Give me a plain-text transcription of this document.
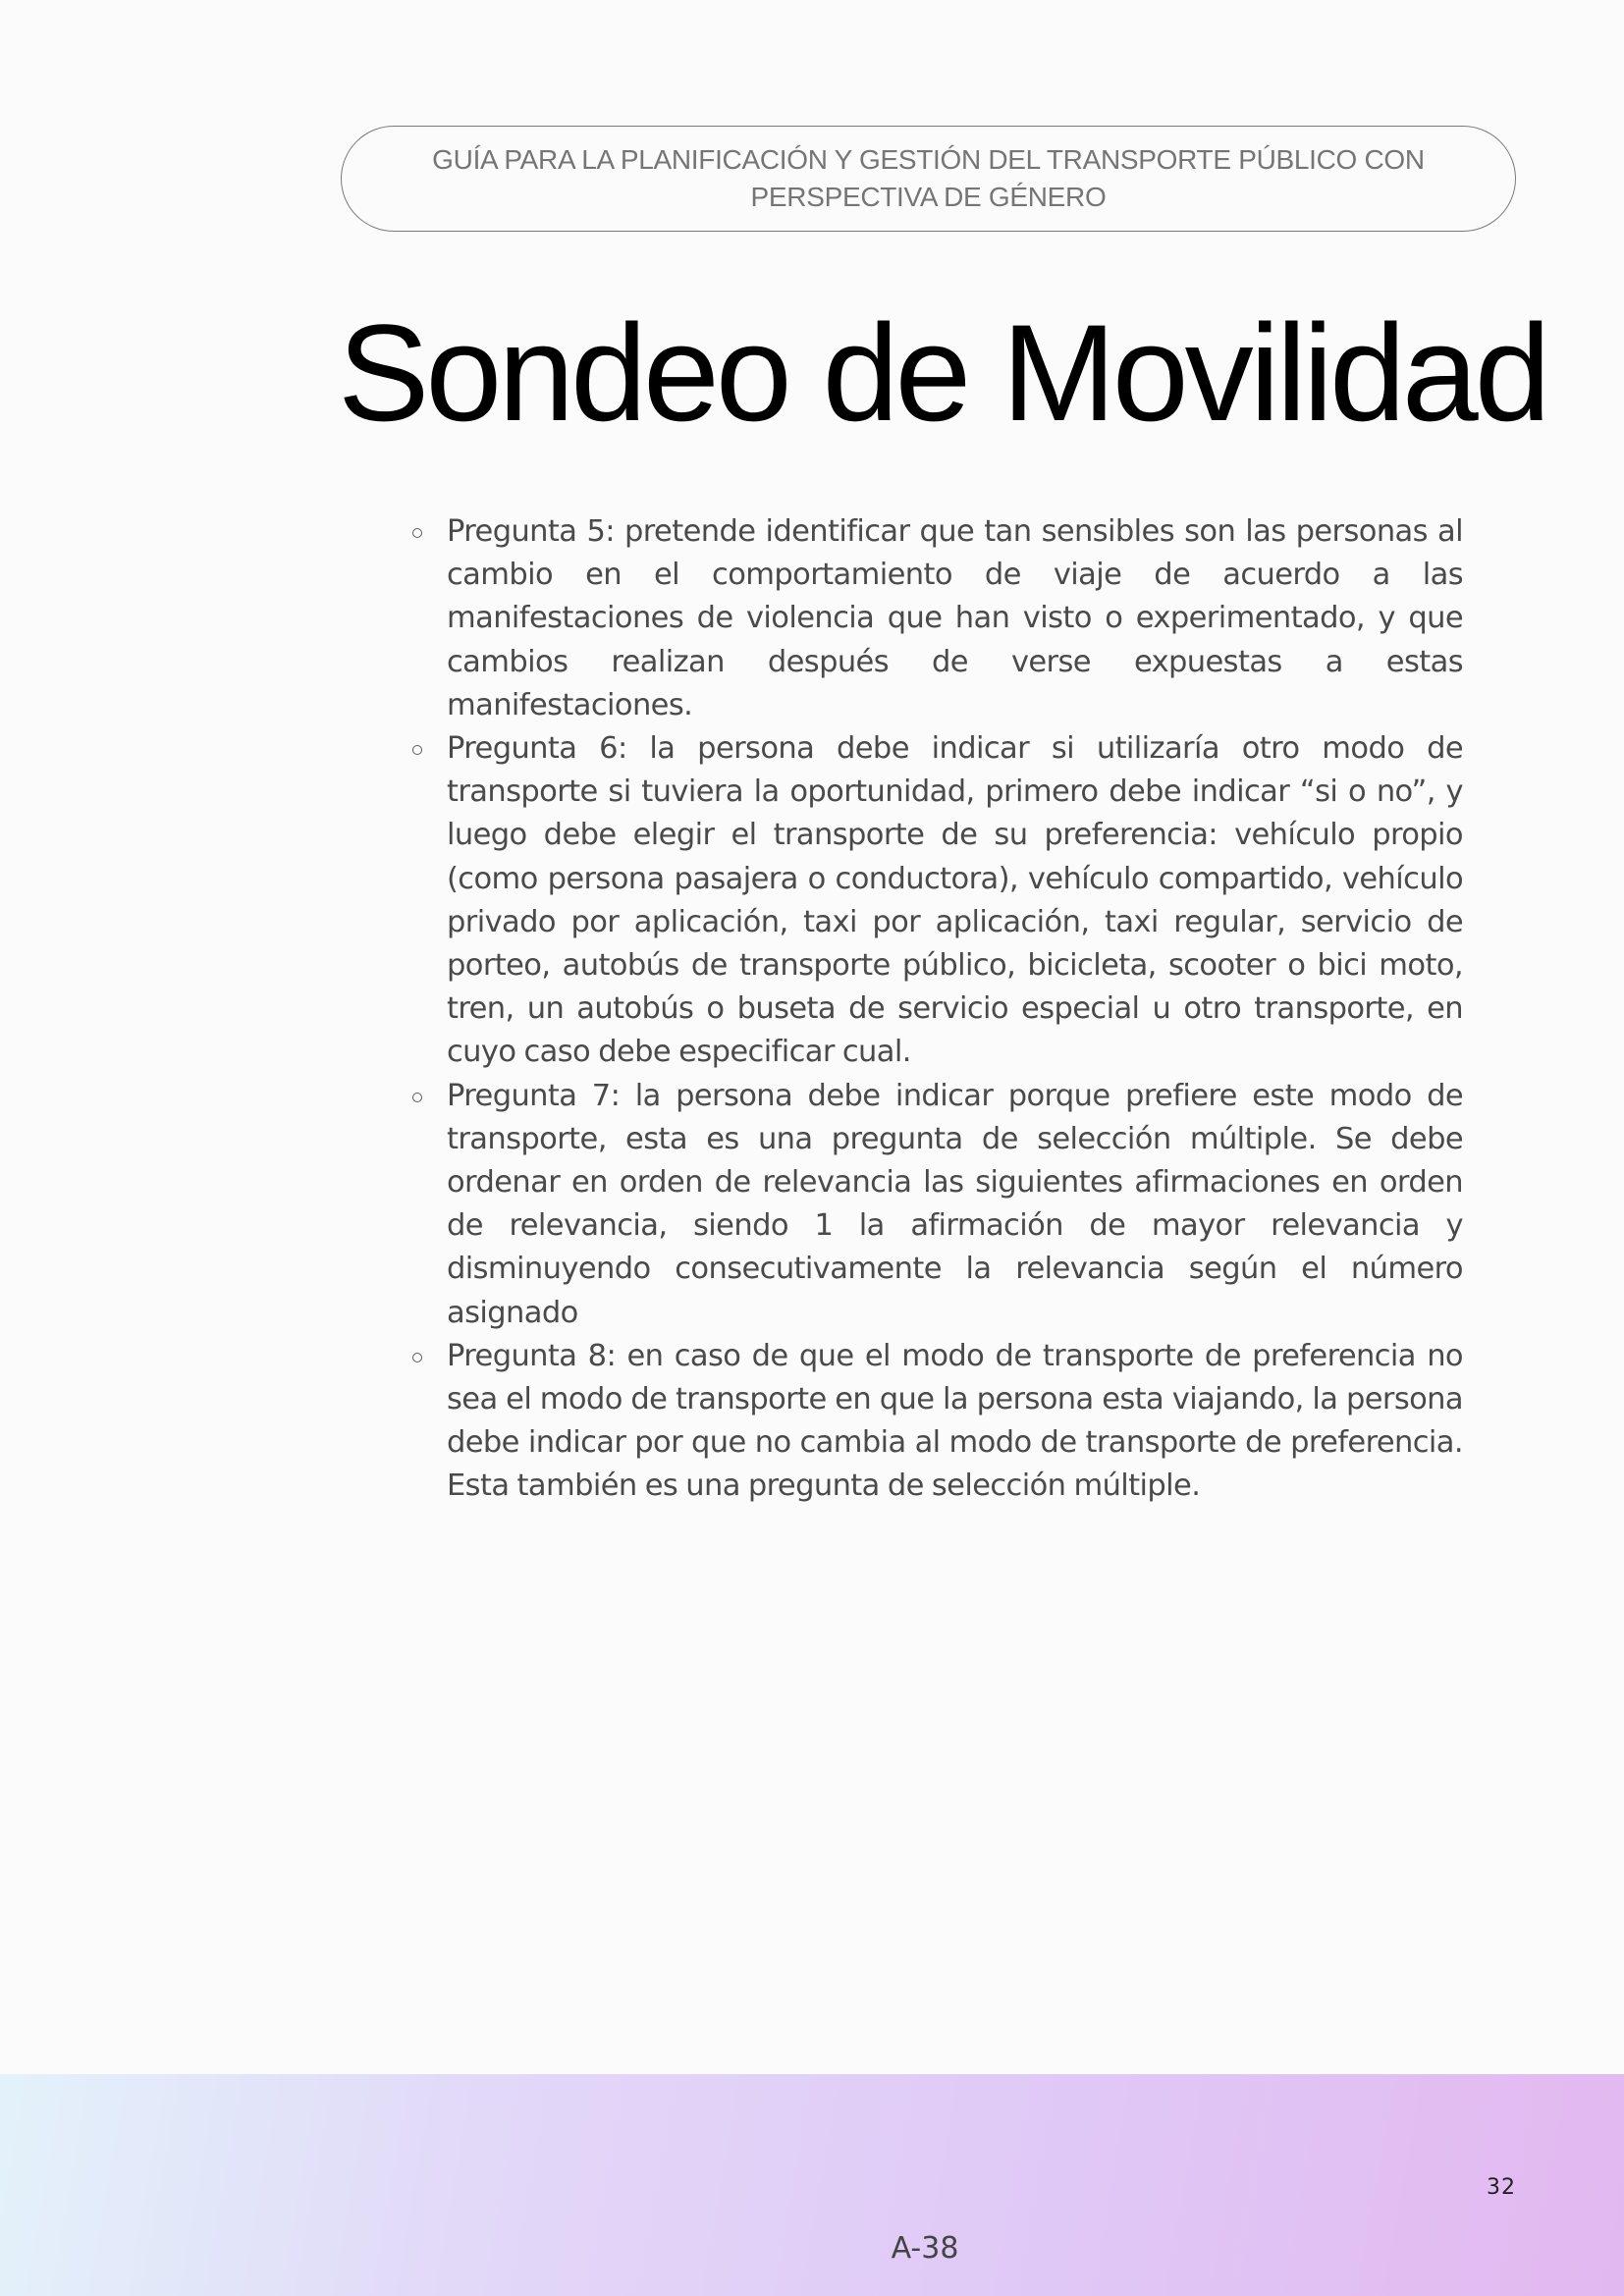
GUÍA PARA LA PLANIFICACIÓN Y GESTIÓN DEL TRANSPORTE PÚBLICO CON PERSPECTIVA DE GÉNERO
Sondeo de Movilidad
Pregunta 5: pretende identificar que tan sensibles son las personas al cambio en el comportamiento de viaje de acuerdo a las manifestaciones de violencia que han visto o experimentado, y que cambios realizan después de verse expuestas a estas manifestaciones.
Pregunta 6: la persona debe indicar si utilizaría otro modo de transporte si tuviera la oportunidad, primero debe indicar “si o no”, y luego debe elegir el transporte de su preferencia: vehículo propio (como persona pasajera o conductora), vehículo compartido, vehículo privado por aplicación, taxi por aplicación, taxi regular, servicio de porteo, autobús de transporte público, bicicleta, scooter o bici moto, tren, un autobús o buseta de servicio especial u otro transporte, en cuyo caso debe especificar cual.
Pregunta 7: la persona debe indicar porque prefiere este modo de transporte, esta es una pregunta de selección múltiple. Se debe ordenar en orden de relevancia las siguientes afirmaciones en orden de relevancia, siendo 1 la afirmación de mayor relevancia y disminuyendo consecutivamente la relevancia según el número asignado
Pregunta 8: en caso de que el modo de transporte de preferencia no sea el modo de transporte en que la persona esta viajando, la persona debe indicar por que no cambia al modo de transporte de preferencia. Esta también es una pregunta de selección múltiple.
32
A-38
